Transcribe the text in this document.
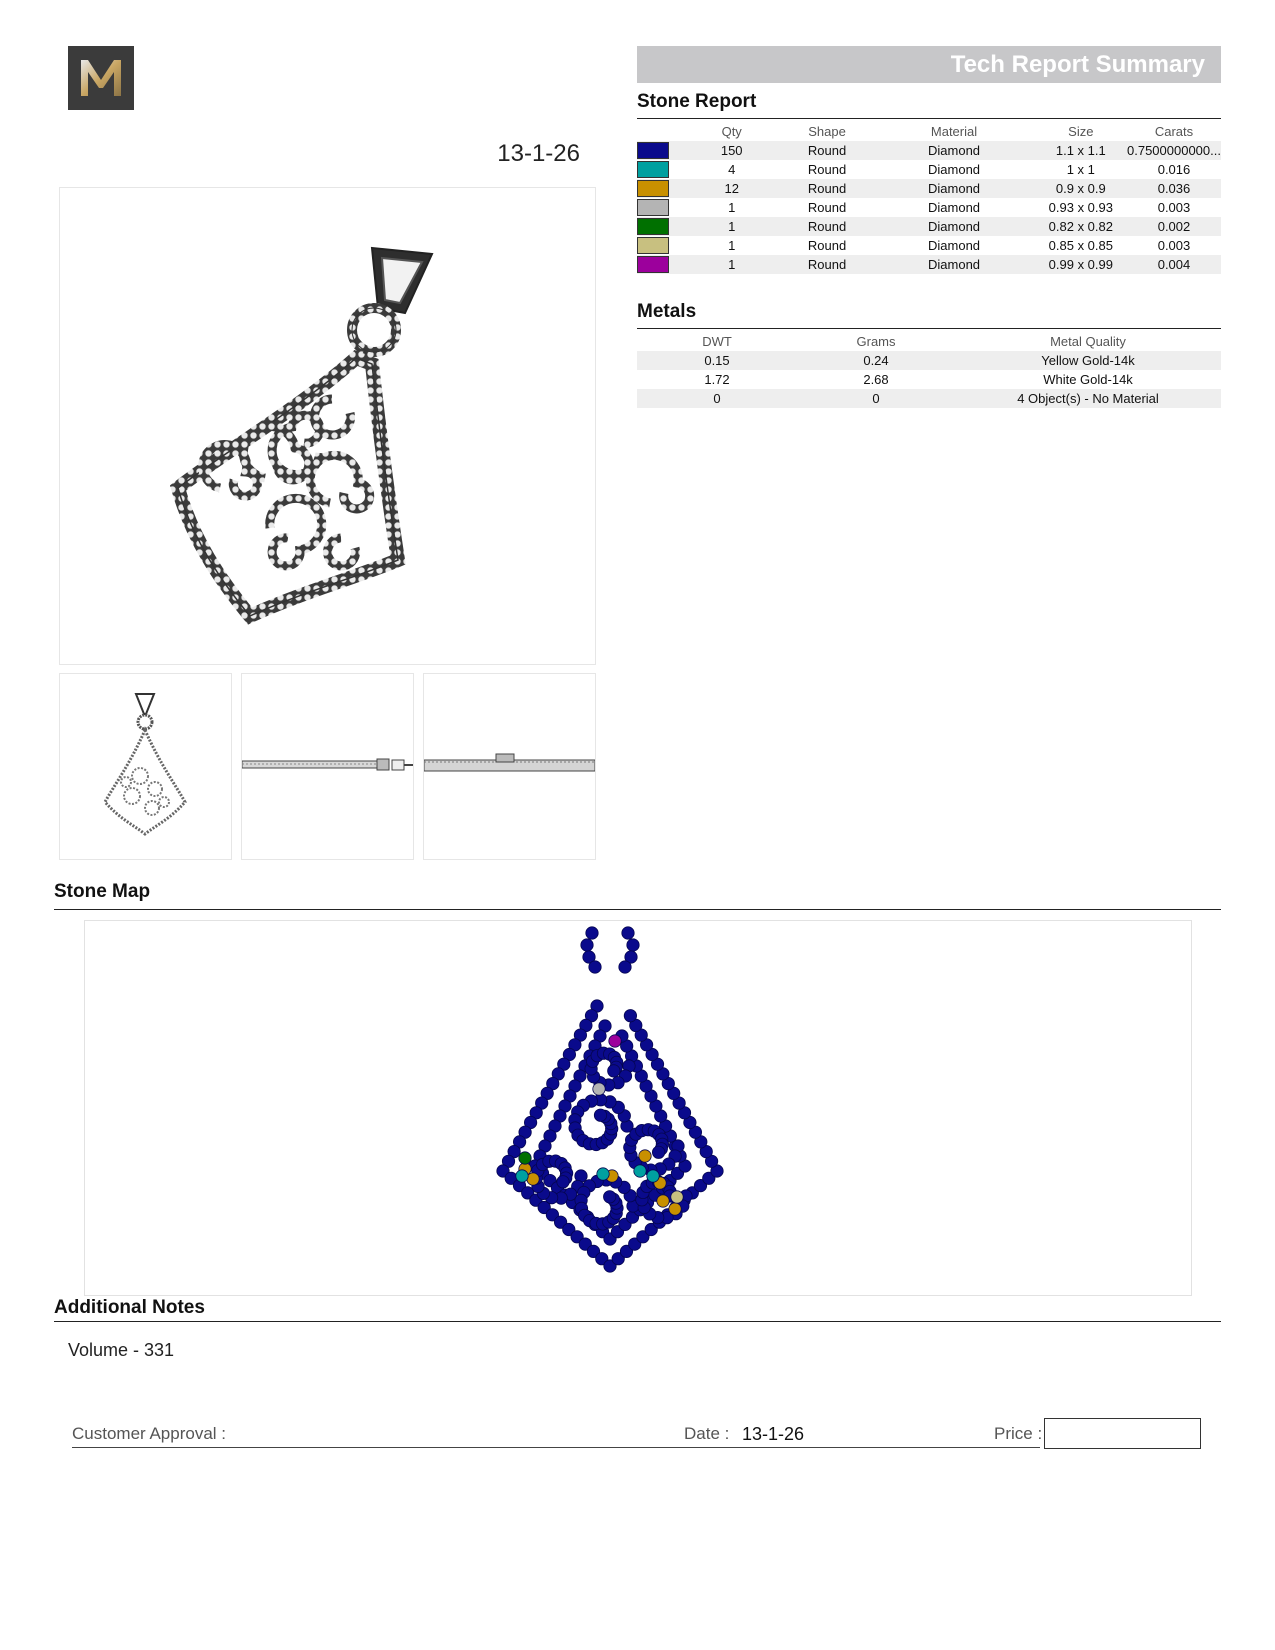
13-1-26
Tech Report Summary
Stone Report
	Qty	Shape	Material	Size	Carats
	150	Round	Diamond	1.1 x 1.1	0.7500000000...
	4	Round	Diamond	1 x 1	0.016
	12	Round	Diamond	0.9 x 0.9	0.036
	1	Round	Diamond	0.93 x 0.93	0.003
	1	Round	Diamond	0.82 x 0.82	0.002
	1	Round	Diamond	0.85 x 0.85	0.003
	1	Round	Diamond	0.99 x 0.99	0.004
Metals
DWT	Grams	Metal Quality
0.15	0.24	Yellow Gold-14k
1.72	2.68	White Gold-14k
0	0	4 Object(s) - No Material
Stone Map
Additional Notes
Volume - 331
Customer Approval :	Date : 13-1-26	Price :
